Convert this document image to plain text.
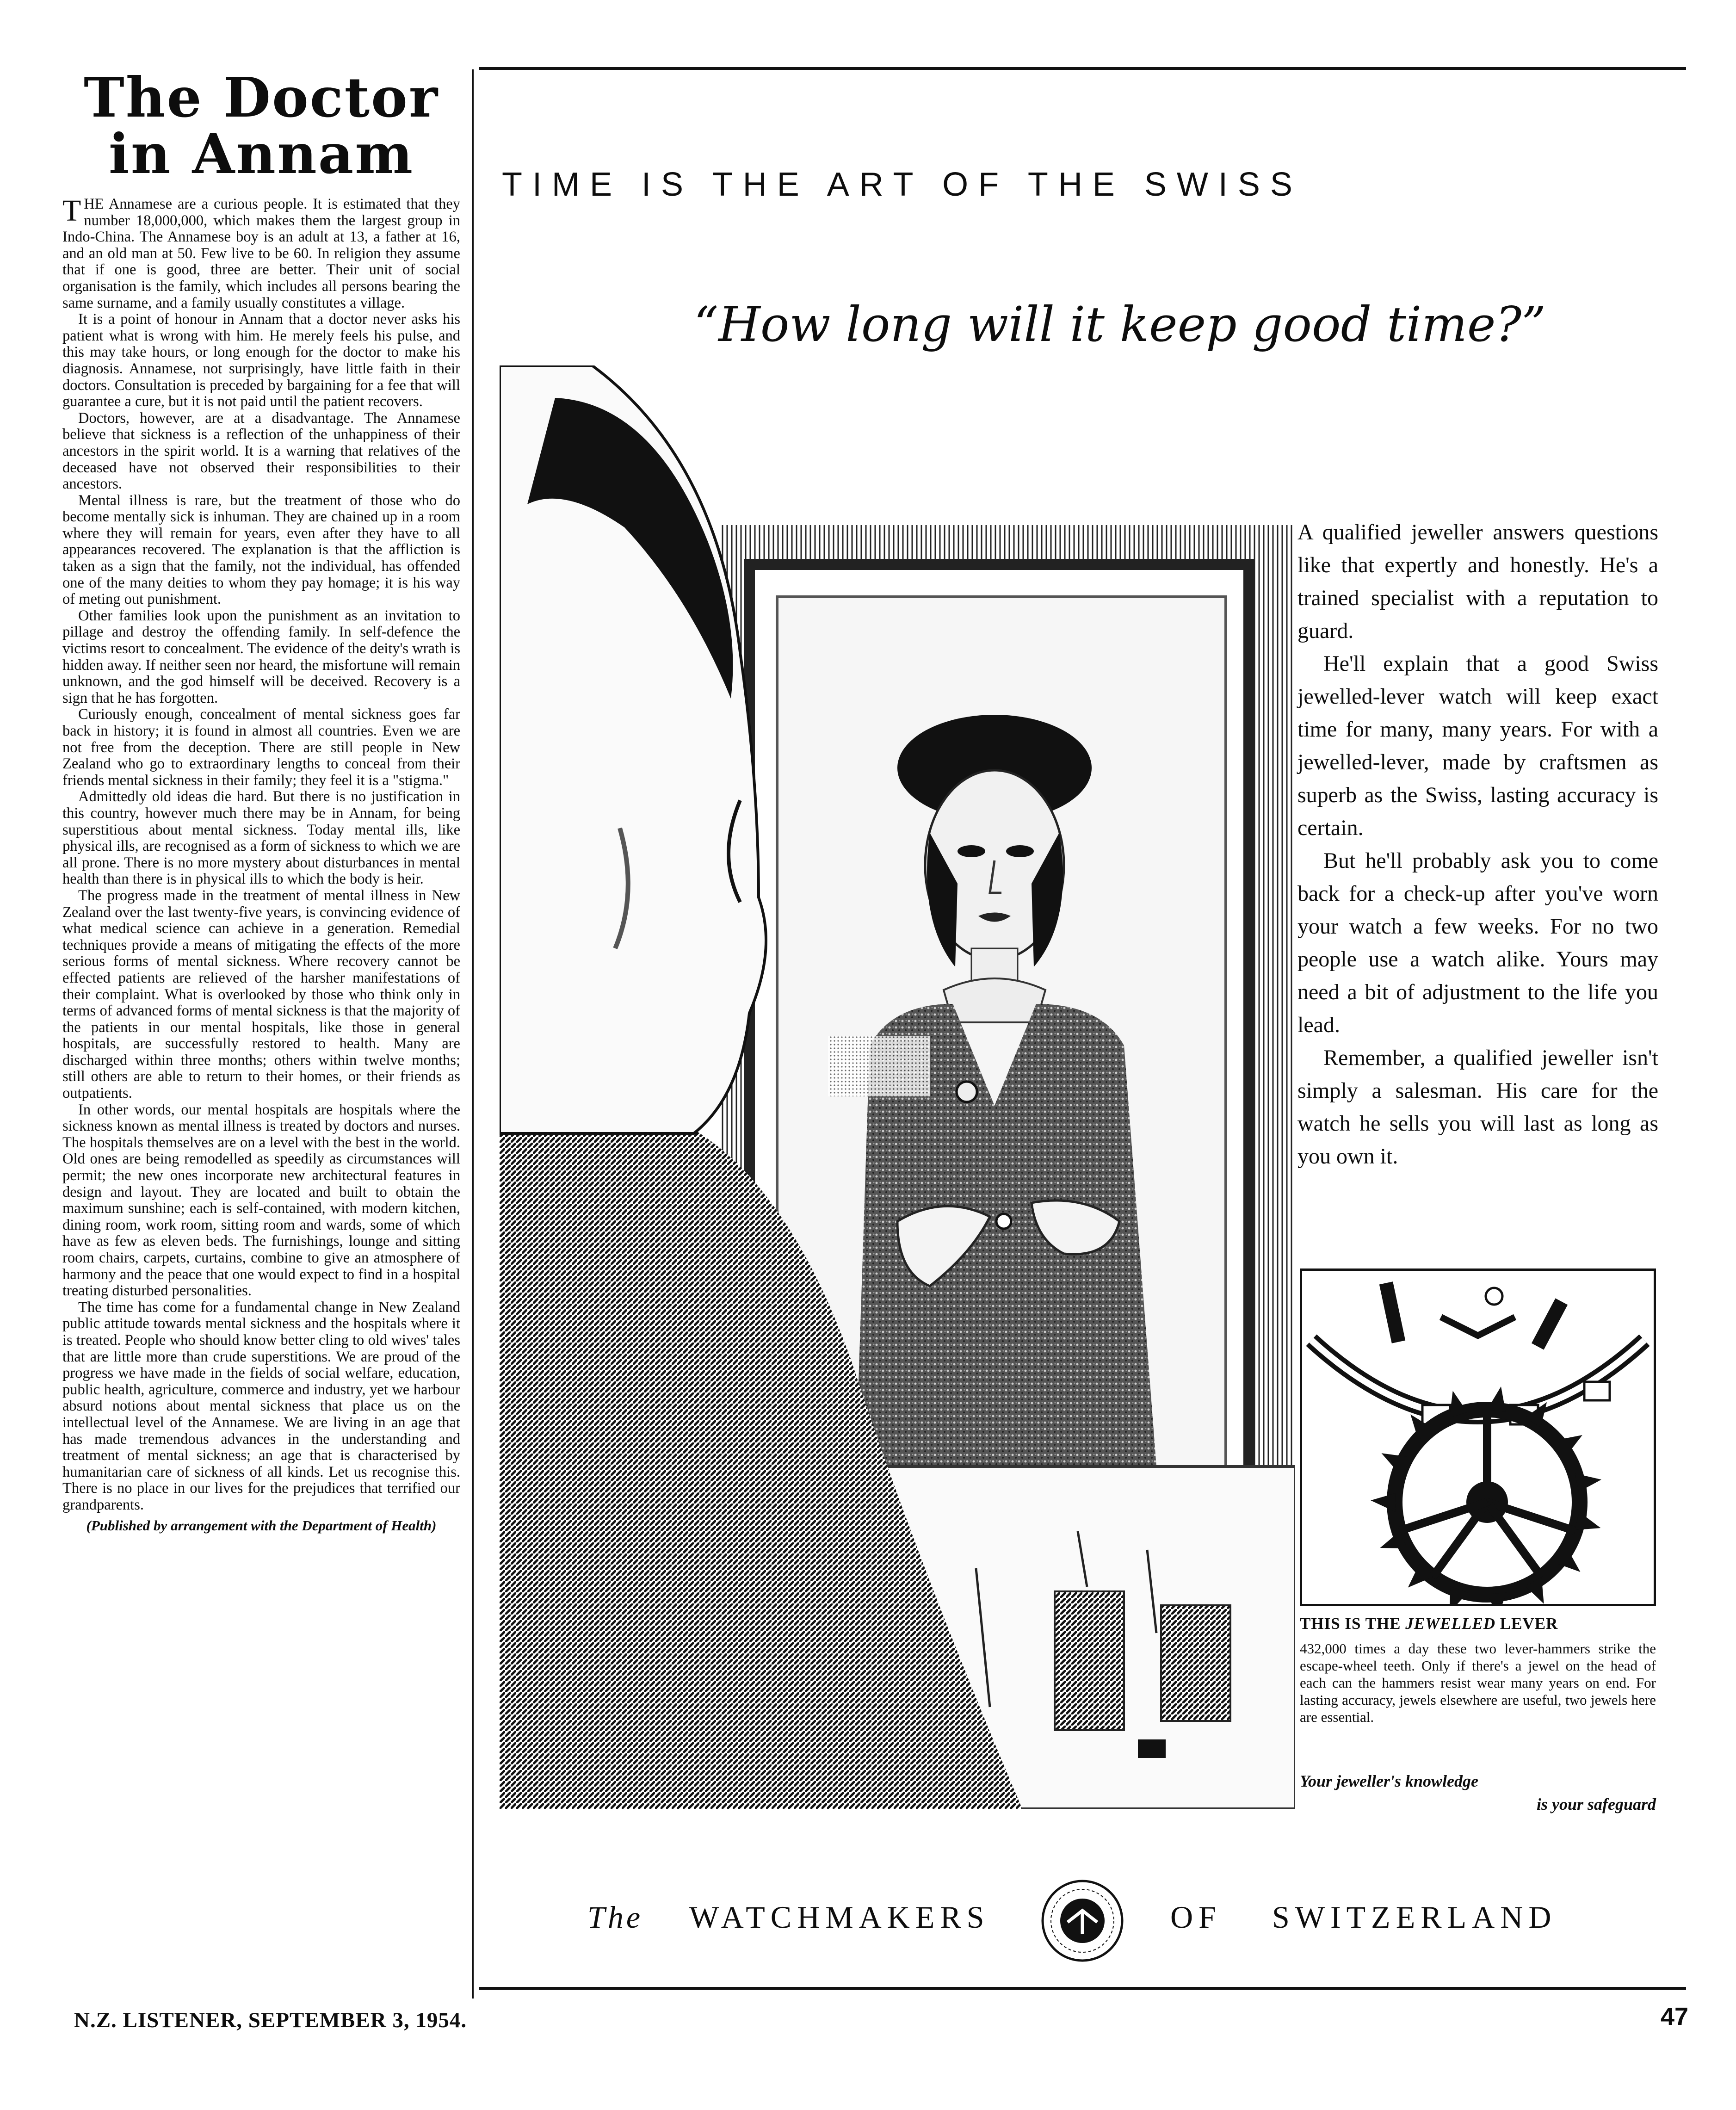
The Doctor
in Annam

THE Annamese are a curious people. It is estimated that they number 18,000,000, which makes them the largest group in Indo-China. The Annamese boy is an adult at 13, a father at 16, and an old man at 50. Few live to be 60. In religion they assume that if one is good, three are better. Their unit of social organisation is the family, which includes all persons bearing the same surname, and a family usually constitutes a village.

It is a point of honour in Annam that a doctor never asks his patient what is wrong with him. He merely feels his pulse, and this may take hours, or long enough for the doctor to make his diagnosis. Annamese, not surprisingly, have little faith in their doctors. Consultation is preceded by bargaining for a fee that will guarantee a cure, but it is not paid until the patient recovers.

Doctors, however, are at a disadvantage. The Annamese believe that sickness is a reflection of the unhappiness of their ancestors in the spirit world. It is a warning that relatives of the deceased have not observed their responsibilities to their ancestors.

Mental illness is rare, but the treatment of those who do become mentally sick is inhuman. They are chained up in a room where they will remain for years, even after they have to all appearances recovered. The explanation is that the affliction is taken as a sign that the family, not the individual, has offended one of the many deities to whom they pay homage; it is his way of meting out punishment.

Other families look upon the punishment as an invitation to pillage and destroy the offending family. In self-defence the victims resort to concealment. The evidence of the deity's wrath is hidden away. If neither seen nor heard, the misfortune will remain unknown, and the god himself will be deceived. Recovery is a sign that he has forgotten.

Curiously enough, concealment of mental sickness goes far back in history; it is found in almost all countries. Even we are not free from the deception. There are still people in New Zealand who go to extraordinary lengths to conceal from their friends mental sickness in their family; they feel it is a "stigma."

Admittedly old ideas die hard. But there is no justification in this country, however much there may be in Annam, for being superstitious about mental sickness. Today mental ills, like physical ills, are recognised as a form of sickness to which we are all prone. There is no more mystery about disturbances in mental health than there is in physical ills to which the body is heir.

The progress made in the treatment of mental illness in New Zealand over the last twenty-five years, is convincing evidence of what medical science can achieve in a generation. Remedial techniques provide a means of mitigating the effects of the more serious forms of mental sickness. Where recovery cannot be effected patients are relieved of the harsher manifestations of their complaint. What is overlooked by those who think only in terms of advanced forms of mental sickness is that the majority of the patients in our mental hospitals, like those in general hospitals, are successfully restored to health. Many are discharged within three months; others within twelve months; still others are able to return to their homes, or their friends as outpatients.

In other words, our mental hospitals are hospitals where the sickness known as mental illness is treated by doctors and nurses. The hospitals themselves are on a level with the best in the world. Old ones are being remodelled as speedily as circumstances will permit; the new ones incorporate new architectural features in design and layout. They are located and built to obtain the maximum sunshine; each is self-contained, with modern kitchen, dining room, work room, sitting room and wards, some of which have as few as eleven beds. The furnishings, lounge and sitting room chairs, carpets, curtains, combine to give an atmosphere of harmony and the peace that one would expect to find in a hospital treating disturbed personalities.

The time has come for a fundamental change in New Zealand public attitude towards mental sickness and the hospitals where it is treated. People who should know better cling to old wives' tales that are little more than crude superstitions. We are proud of the progress we have made in the fields of social welfare, education, public health, agriculture, commerce and industry, yet we harbour absurd notions about mental sickness that place us on the intellectual level of the Annamese. We are living in an age that has made tremendous advances in the understanding and treatment of mental sickness; an age that is characterised by humanitarian care of sickness of all kinds. Let us recognise this. There is no place in our lives for the prejudices that terrified our grandparents.

(Published by arrangement with the Department of Health)
TIME IS THE ART OF THE SWISS
“How long will it keep good time?”

A qualified jeweller answers questions like that expertly and honestly. He's a trained specialist with a reputation to guard.

He'll explain that a good Swiss jewelled-lever watch will keep exact time for many, many years. For with a jewelled-lever, made by craftsmen as superb as the Swiss, lasting accuracy is certain.

But he'll probably ask you to come back for a check-up after you've worn your watch a few weeks. For no two people use a watch alike. Yours may need a bit of adjustment to the life you lead.

Remember, a qualified jeweller isn't simply a salesman. His care for the watch he sells you will last as long as you own it.

THIS IS THE JEWELLED LEVER
432,000 times a day these two lever-hammers strike the escape-wheel teeth. Only if there's a jewel on the head of each can the hammers resist wear many years on end. For lasting accuracy, jewels elsewhere are useful, two jewels here are essential.
Your jeweller's knowledge
is your safeguard
The WATCHMAKERS	OF SWITZERLAND
N.Z. LISTENER, SEPTEMBER 3, 1954.	47
